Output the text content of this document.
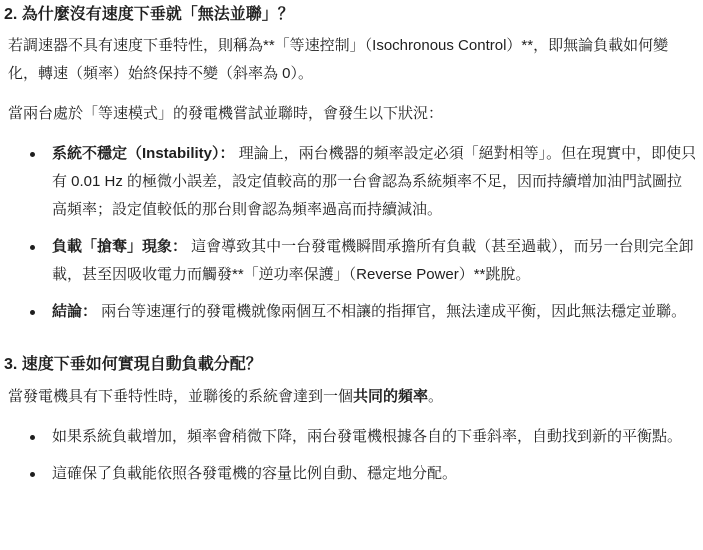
2. 為什麼沒有速度下垂就「無法並聯」？

若調速器不具有速度下垂特性，則稱為**「等速控制」（Isochronous Control）**，即無論負載如何變化，轉速（頻率）始終保持不變（斜率為 0）。

當兩台處於「等速模式」的發電機嘗試並聯時，會發生以下狀況：

系統不穩定（Instability）： 理論上，兩台機器的頻率設定必須「絕對相等」。但在現實中，即使只有 0.01 Hz 的極微小誤差，設定值較高的那一台會認為系統頻率不足，因而持續增加油門試圖拉高頻率；設定值較低的那台則會認為頻率過高而持續減油。
負載「搶奪」現象： 這會導致其中一台發電機瞬間承擔所有負載（甚至過載），而另一台則完全卸載，甚至因吸收電力而觸發**「逆功率保護」（Reverse Power）**跳脫。
結論： 兩台等速運行的發電機就像兩個互不相讓的指揮官，無法達成平衡，因此無法穩定並聯。
3. 速度下垂如何實現自動負載分配？

當發電機具有下垂特性時，並聯後的系統會達到一個共同的頻率。

如果系統負載增加，頻率會稍微下降，兩台發電機根據各自的下垂斜率，自動找到新的平衡點。
這確保了負載能依照各發電機的容量比例自動、穩定地分配。
